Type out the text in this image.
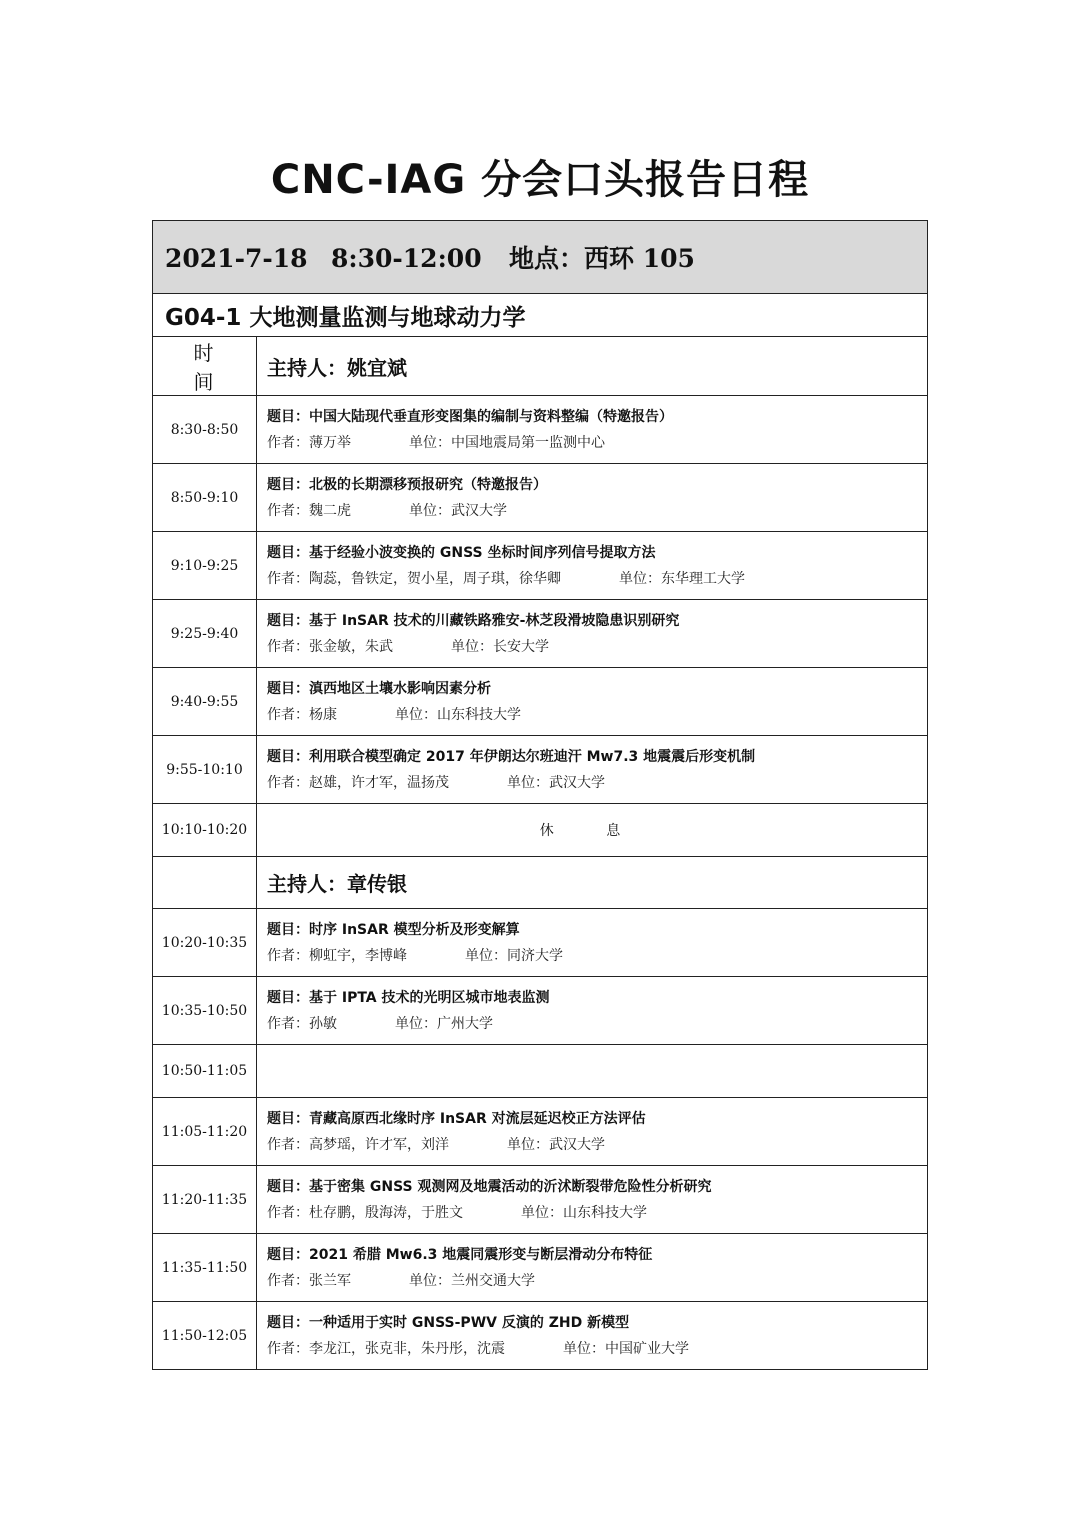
CNC-IAG 分会口头报告日程
2021-7-18 8:30-12:00 地点：西环 105	
G04-1 大地测量监测与地球动力学	
时 间	主持人：姚宜斌
8:30-8:50	题目：中国大陆现代垂直形变图集的编制与资料整编（特邀报告）
作者：薄万举 单位：中国地震局第一监测中心

8:50-9:10	题目：北极的长期漂移预报研究（特邀报告）
作者：魏二虎 单位：武汉大学

9:10-9:25	题目：基于经验小波变换的 GNSS 坐标时间序列信号提取方法
作者：陶蕊，鲁铁定，贺小星，周子琪，徐华卿 单位：东华理工大学

9:25-9:40	题目：基于 InSAR 技术的川藏铁路雅安-林芝段滑坡隐患识别研究
作者：张金敏，朱武 单位：长安大学

9:40-9:55	题目：滇西地区土壤水影响因素分析
作者：杨康 单位：山东科技大学

9:55-10:10	题目：利用联合模型确定 2017 年伊朗达尔班迪汗 Mw7.3 地震震后形变机制
作者：赵雄，许才军，温扬茂 单位：武汉大学

10:10-10:20	休 息
	主持人：章传银
10:20-10:35	题目：时序 InSAR 模型分析及形变解算
作者：柳虹宇，李博峰 单位：同济大学

10:35-10:50	题目：基于 IPTA 技术的光明区城市地表监测
作者：孙敏 单位：广州大学

10:50-11:05	
11:05-11:20	题目：青藏高原西北缘时序 InSAR 对流层延迟校正方法评估
作者：高梦瑶，许才军，刘洋 单位：武汉大学

11:20-11:35	题目：基于密集 GNSS 观测网及地震活动的沂沭断裂带危险性分析研究
作者：杜存鹏，殷海涛，于胜文 单位：山东科技大学

11:35-11:50	题目：2021 希腊 Mw6.3 地震同震形变与断层滑动分布特征
作者：张兰军 单位：兰州交通大学

11:50-12:05	题目：一种适用于实时 GNSS-PWV 反演的 ZHD 新模型
作者：李龙江，张克非，朱丹彤，沈震 单位：中国矿业大学
